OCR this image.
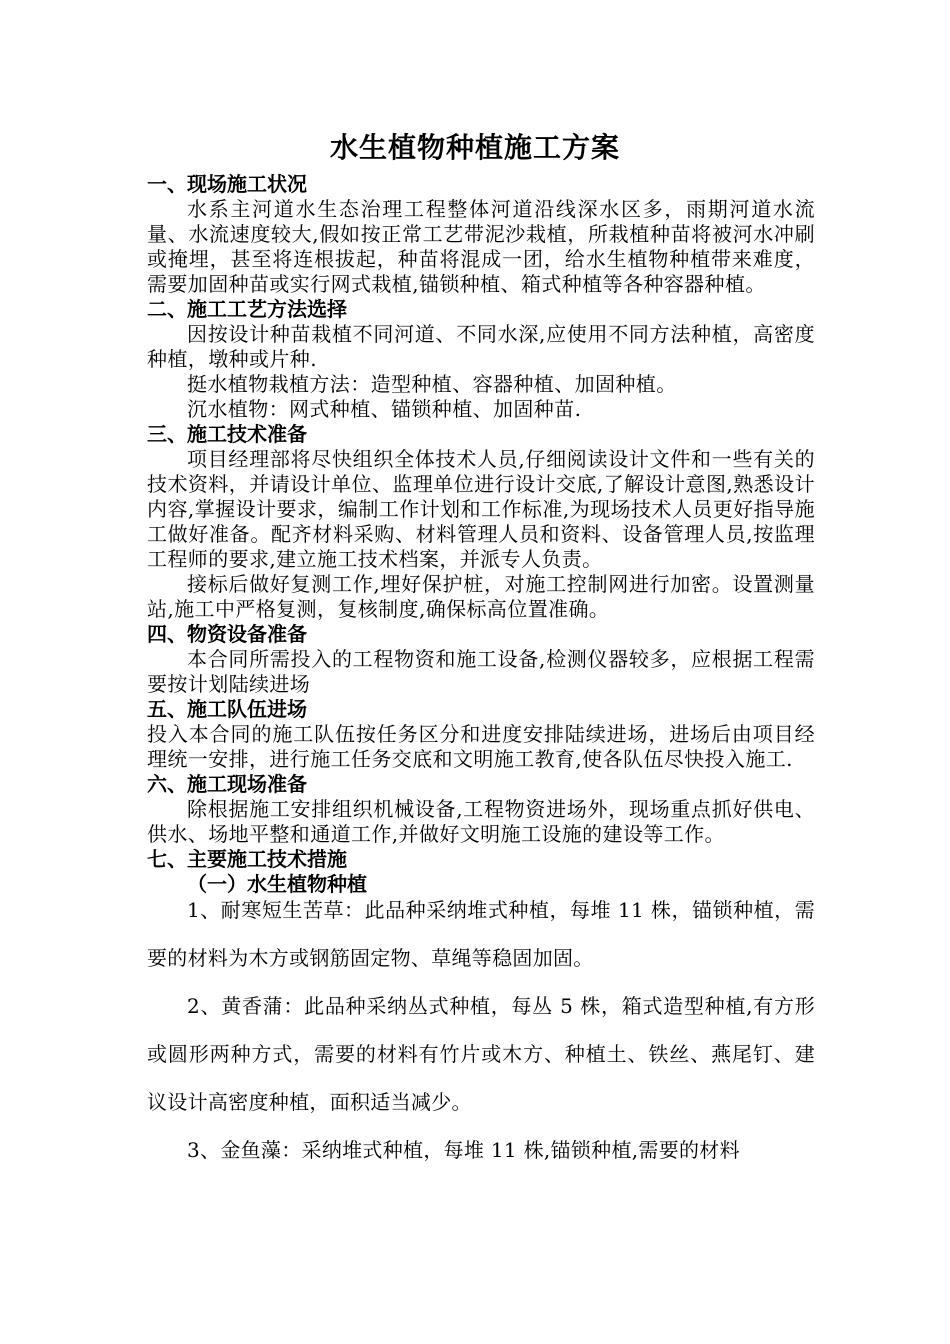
水生植物种植施工方案
一、现场施工状况

水系主河道水生态治理工程整体河道沿线深水区多，雨期河道水流量、水流速度较大,假如按正常工艺带泥沙栽植，所栽植种苗将被河水冲刷或掩埋，甚至将连根拔起，种苗将混成一团，给水生植物种植带来难度，需要加固种苗或实行网式栽植,锚锁种植、箱式种植等各种容器种植。

二、施工工艺方法选择

因按设计种苗栽植不同河道、不同水深,应使用不同方法种植，高密度种植，墩种或片种.

挺水植物栽植方法：造型种植、容器种植、加固种植。

沉水植物：网式种植、锚锁种植、加固种苗.

三、施工技术准备

项目经理部将尽快组织全体技术人员,仔细阅读设计文件和一些有关的技术资料，并请设计单位、监理单位进行设计交底,了解设计意图,熟悉设计内容,掌握设计要求，编制工作计划和工作标准,为现场技术人员更好指导施工做好准备。配齐材料采购、材料管理人员和资料、设备管理人员,按监理工程师的要求,建立施工技术档案，并派专人负责。

接标后做好复测工作,埋好保护桩，对施工控制网进行加密。设置测量站,施工中严格复测，复核制度,确保标高位置准确。

四、物资设备准备

本合同所需投入的工程物资和施工设备,检测仪器较多，应根据工程需要按计划陆续进场

五、施工队伍进场

投入本合同的施工队伍按任务区分和进度安排陆续进场，进场后由项目经理统一安排，进行施工任务交底和文明施工教育,使各队伍尽快投入施工.

六、施工现场准备

除根据施工安排组织机械设备,工程物资进场外，现场重点抓好供电、供水、场地平整和通道工作,并做好文明施工设施的建设等工作。

七、主要施工技术措施
（一）水生植物种植

1、耐寒短生苦草：此品种采纳堆式种植，每堆 11 株，锚锁种植，需要的材料为木方或钢筋固定物、草绳等稳固加固。

2、黄香蒲：此品种采纳丛式种植，每丛 5 株，箱式造型种植,有方形或圆形两种方式，需要的材料有竹片或木方、种植土、铁丝、燕尾钉、建议设计高密度种植，面积适当减少。

3、金鱼藻：采纳堆式种植，每堆 11 株,锚锁种植,需要的材料
